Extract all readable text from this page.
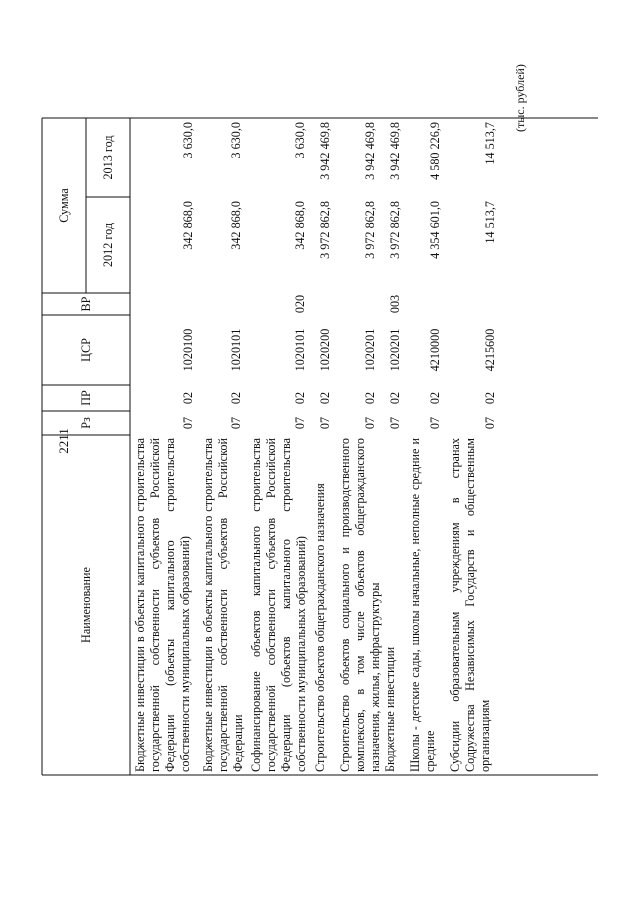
2211
(тыс. рублей)
Наименование
Рз
ПР
ЦСР
ВР
Сумма
2012 год
2013 год
Бюджетные инвестиции в объекты капитального строительства государственной собственности субъектов Российской Федерации (объекты капитального строительства собственности муниципальных образований)
07
02
1020100
342 868,0
3 630,0
Бюджетные инвестиции в объекты капитального строительства государственной собственности субъектов Российской Федерации
07
02
1020101
342 868,0
3 630,0
Софинансирование объектов капитального строительства государственной собственности субъектов Российской Федерации (объектов капитального строительства собственности муниципальных образований)
07
02
1020101
020
342 868,0
3 630,0
Строительство объектов общегражданского назначения
07
02
1020200
3 972 862,8
3 942 469,8
Строительство объектов социального и производственного комплексов, в том числе объектов общегражданского назначения, жилья, инфраструктуры
07
02
1020201
3 972 862,8
3 942 469,8
Бюджетные инвестиции
07
02
1020201
003
3 972 862,8
3 942 469,8
Школы - детские сады, школы начальные, неполные средние и средние
07
02
4210000
4 354 601,0
4 580 226,9
Субсидии образовательным учреждениям в странах Содружества Независимых Государств и общественным организациям
07
02
4215600
14 513,7
14 513,7
